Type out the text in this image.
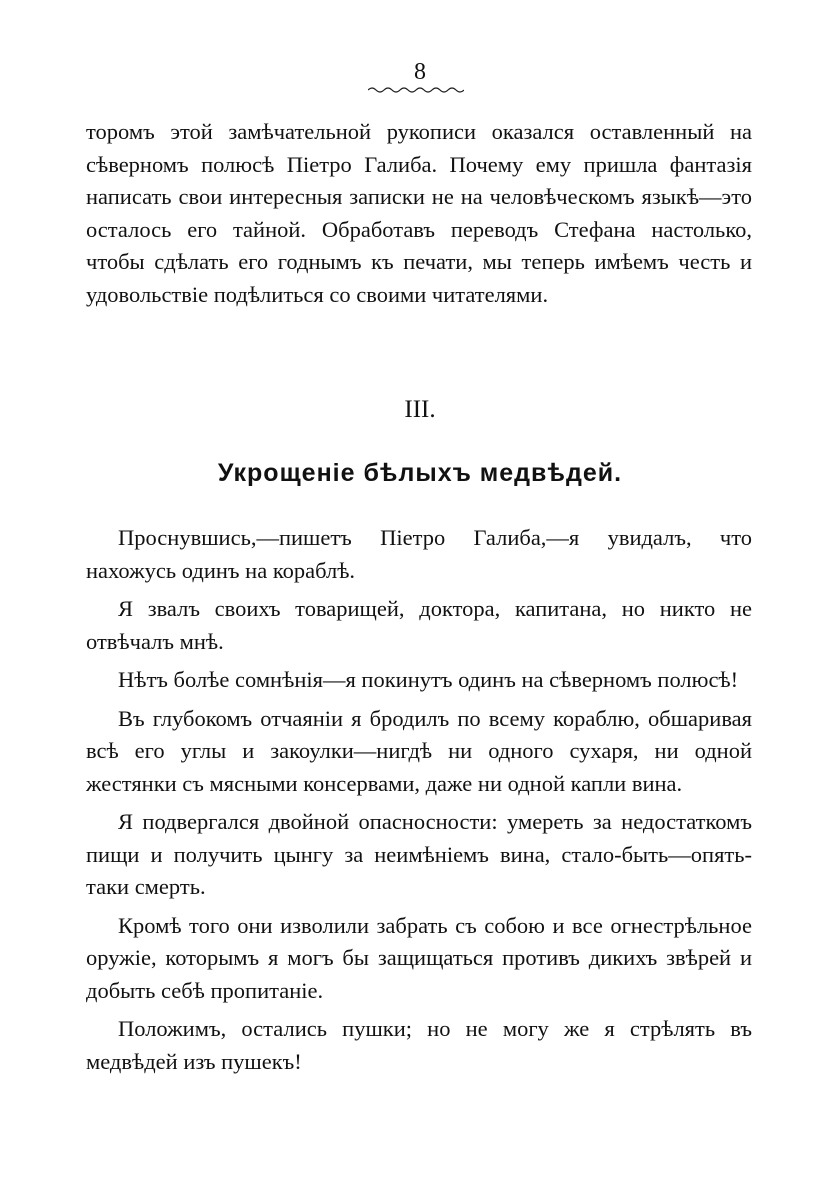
8

торомъ этой замѣчательной рукописи оказался оставленный на сѣверномъ полюсѣ Пiетро Галиба. Почему ему пришла фантазія написать свои интересныя записки не на человѣческомъ языкѣ—это осталось его тайной. Обработавъ переводъ Стефана настолько, чтобы сдѣлать его годнымъ къ печати, мы теперь имѣемъ честь и удовольствіе подѣлиться со своими читателями.

III.
Укрощеніе бѣлыхъ медвѣдей.

Проснувшись,—пишетъ Пiетро Галиба,—я увидалъ, что нахожусь одинъ на кораблѣ.

Я звалъ своихъ товарищей, доктора, капитана, но никто не отвѣчалъ мнѣ.

Нѣтъ болѣе сомнѣнія—я покинутъ одинъ на сѣверномъ полюсѣ!

Въ глубокомъ отчаяніи я бродилъ по всему кораблю, обшаривая всѣ его углы и закоулки—нигдѣ ни одного сухаря, ни одной жестянки съ мясными консервами, даже ни одной капли вина.

Я подвергался двойной опасносности: умереть за недостаткомъ пищи и получить цынгу за неимѣніемъ вина, стало-быть—опять-таки смерть.

Кромѣ того они изволили забрать съ собою и все огнестрѣльное оружіе, которымъ я могъ бы защищаться противъ дикихъ звѣрей и добыть себѣ пропитаніе.

Положимъ, остались пушки; но не могу же я стрѣлять въ медвѣдей изъ пушекъ!
